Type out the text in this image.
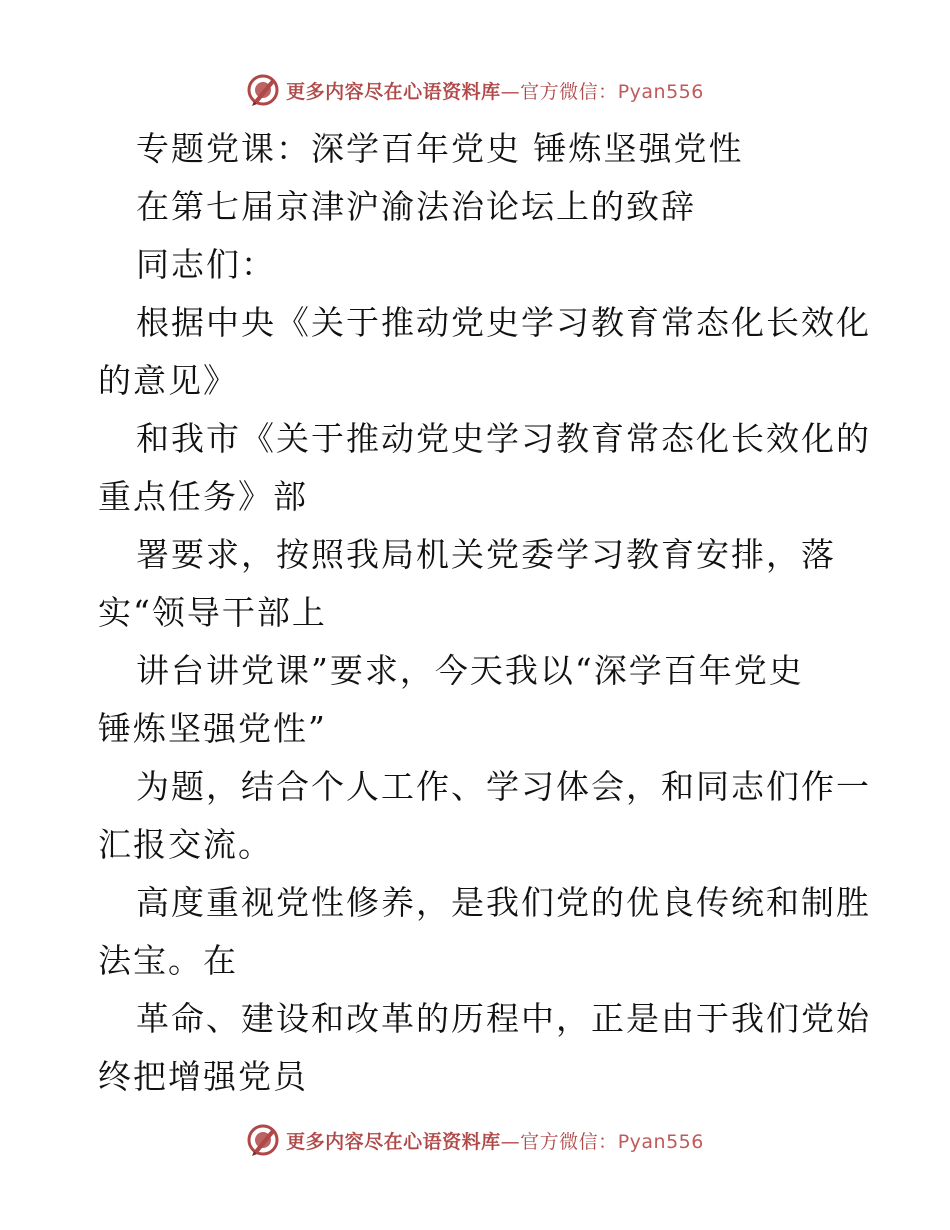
更多内容尽在心语资料库—官方微信：Pyan556
专题党课：深学百年党史 锤炼坚强党性
在第七届京津沪渝法治论坛上的致辞
同志们：
根据中央《关于推动党史学习教育常态化长效化
的意见》
和我市《关于推动党史学习教育常态化长效化的
重点任务》部
署要求，按照我局机关党委学习教育安排，落
实“领导干部上
讲台讲党课”要求，今天我以“深学百年党史
锤炼坚强党性”
为题，结合个人工作、学习体会，和同志们作一
汇报交流。
高度重视党性修养，是我们党的优良传统和制胜
法宝。在
革命、建设和改革的历程中，正是由于我们党始
终把增强党员
更多内容尽在心语资料库—官方微信：Pyan556
